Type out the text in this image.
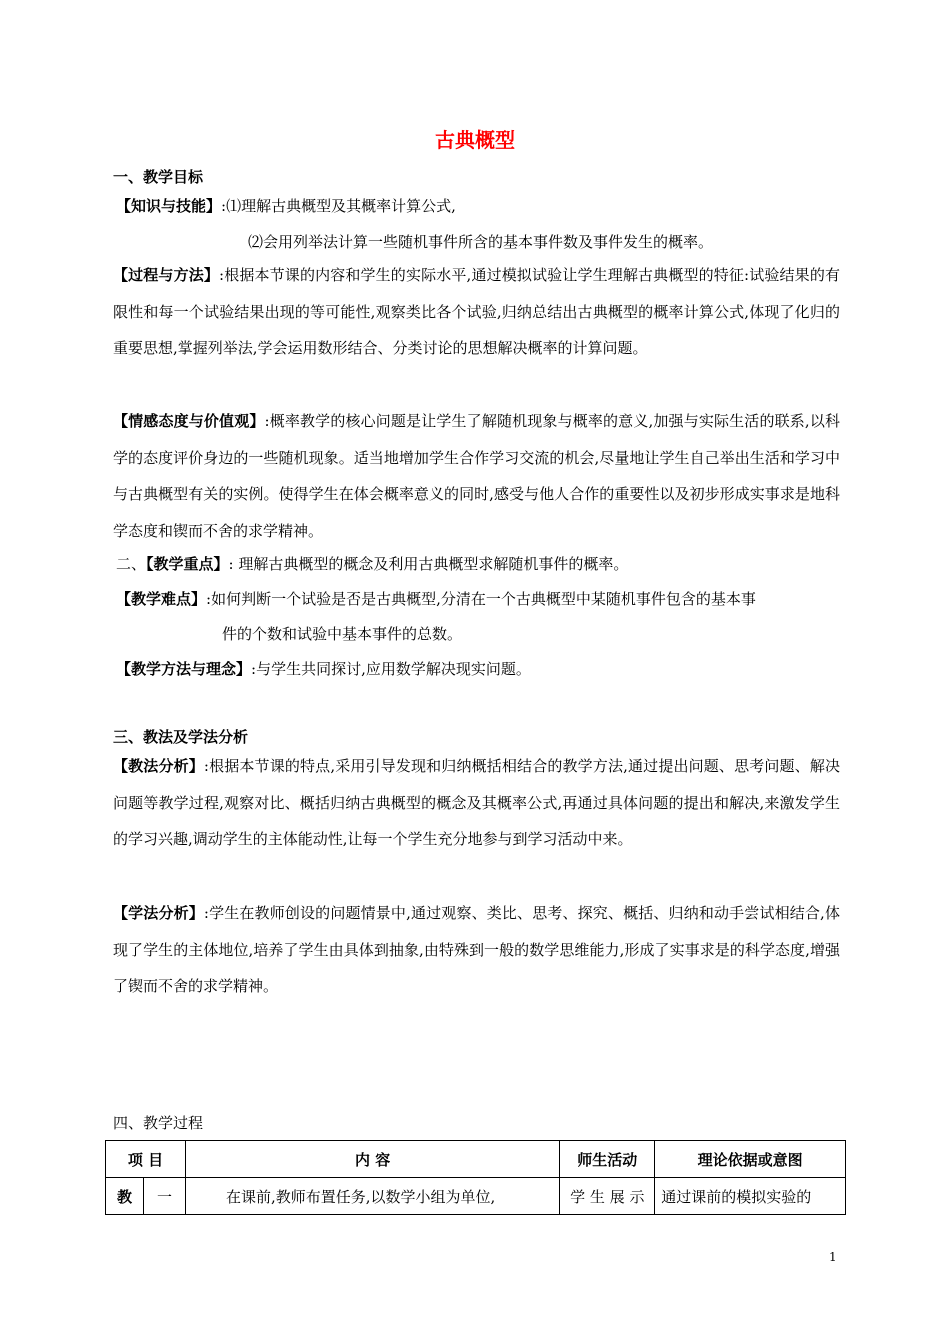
古典概型
一、教学目标
【知识与技能】:⑴理解古典概型及其概率计算公式,
⑵会用列举法计算一些随机事件所含的基本事件数及事件发生的概率。

【过程与方法】:根据本节课的内容和学生的实际水平,通过模拟试验让学生理解古典概型的特征:试验结果的有限性和每一个试验结果出现的等可能性,观察类比各个试验,归纳总结出古典概型的概率计算公式,体现了化归的重要思想,掌握列举法,学会运用数形结合、分类讨论的思想解决概率的计算问题。

【情感态度与价值观】:概率教学的核心问题是让学生了解随机现象与概率的意义,加强与实际生活的联系,以科学的态度评价身边的一些随机现象。适当地增加学生合作学习交流的机会,尽量地让学生自己举出生活和学习中与古典概型有关的实例。使得学生在体会概率意义的同时,感受与他人合作的重要性以及初步形成实事求是地科学态度和锲而不舍的求学精神。

二、【教学重点】: 理解古典概型的概念及利用古典概型求解随机事件的概率。
【教学难点】:如何判断一个试验是否是古典概型,分清在一个古典概型中某随机事件包含的基本事
件的个数和试验中基本事件的总数。
【教学方法与理念】:与学生共同探讨,应用数学解决现实问题。
三、教法及学法分析

【教法分析】:根据本节课的特点,采用引导发现和归纳概括相结合的教学方法,通过提出问题、思考问题、解决问题等教学过程,观察对比、概括归纳古典概型的概念及其概率公式,再通过具体问题的提出和解决,来激发学生的学习兴趣,调动学生的主体能动性,让每一个学生充分地参与到学习活动中来。

【学法分析】:学生在教师创设的问题情景中,通过观察、类比、思考、探究、概括、归纳和动手尝试相结合,体现了学生的主体地位,培养了学生由具体到抽象,由特殊到一般的数学思维能力,形成了实事求是的科学态度,增强了锲而不舍的求学精神。

四、教学过程
项 目		内 容	师生活动	理论依据或意图
教	一	在课前,教师布置任务,以数学小组为单位,	学 生 展 示	通过课前的模拟实验的
1
